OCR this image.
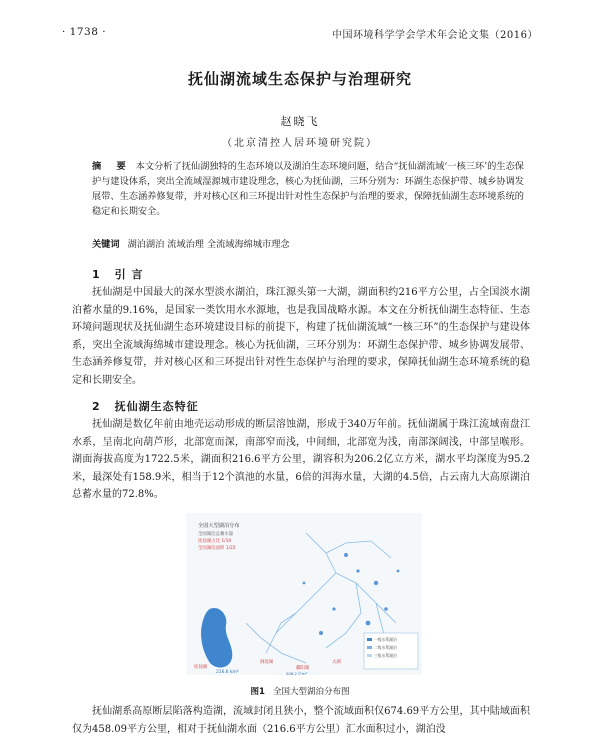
· 1738 ·	中国环境科学学会学术年会论文集（2016）
抚仙湖流域生态保护与治理研究
赵晓飞
（北京清控人居环境研究院）
摘 要 本文分析了抚仙湖独特的生态环境以及湖泊生态环境问题，结合“抚仙湖流域‘一核三环’的生态保护与建设体系，突出全流域湿源城市建设理念，核心为抚仙湖，三环分别为：环湖生态保护带、城乡协调发展带、生态涵养修复带，并对核心区和三环提出针对性生态保护与治理的要求，保障抚仙湖生态环境系统的稳定和长期安全。
关键词 湖泊湖泊 流域治理 全流域海绵城市理念
1 引 言

抚仙湖是中国最大的深水型淡水湖泊，珠江源头第一大湖，湖面积约216平方公里，占全国淡水湖泊蓄水量的9.16%，是国家一类饮用水水源地，也是我国战略水源。本文在分析抚仙湖生态特征、生态环境问题现状及抚仙湖生态环境建设目标的前提下，构建了抚仙湖流域“一核三环”的生态保护与建设体系，突出全流域海绵城市建设理念。核心为抚仙湖，三环分别为：环湖生态保护带、城乡协调发展带、生态涵养修复带，并对核心区和三环提出针对性生态保护与治理的要求，保障抚仙湖生态环境系统的稳定和长期安全。

2 抚仙湖生态特征

抚仙湖是数亿年前由地壳运动形成的断层溶蚀湖，形成于340万年前。抚仙湖属于珠江流域南盘江水系，呈南北向葫芦形，北部宽而深，南部窄而浅，中间细，北部宽为浅，南部深阔浅，中部呈喉形。湖面海拔高度为1722.5米，湖面积216.6平方公里，湖容积为206.2亿立方米，湖水平均深度为95.2米，最深处有158.9米，相当于12个滇池的水量，6倍的洱海水量，大湖的4.5倍，占云南九大高原湖泊总蓄水量的72.8%。

全国大型湖泊分布
全国湖泊总蓄水量
抚仙湖占比 1/10
全国湖泊面积 1/22
一级水系湖泊
二级水系湖泊
三级水系湖泊
抚仙湖
216.6 km²
洞庭湖
鄱阳湖
太湖
206.2 亿m³
图1 全国大型湖泊分布图

抚仙湖系高原断层陷落构造湖，流域封闭且狭小，整个流域面积仅674.69平方公里，其中陆域面积仅为458.09平方公里，相对于抚仙湖水面（216.6平方公里）汇水面积过小，湖泊没
